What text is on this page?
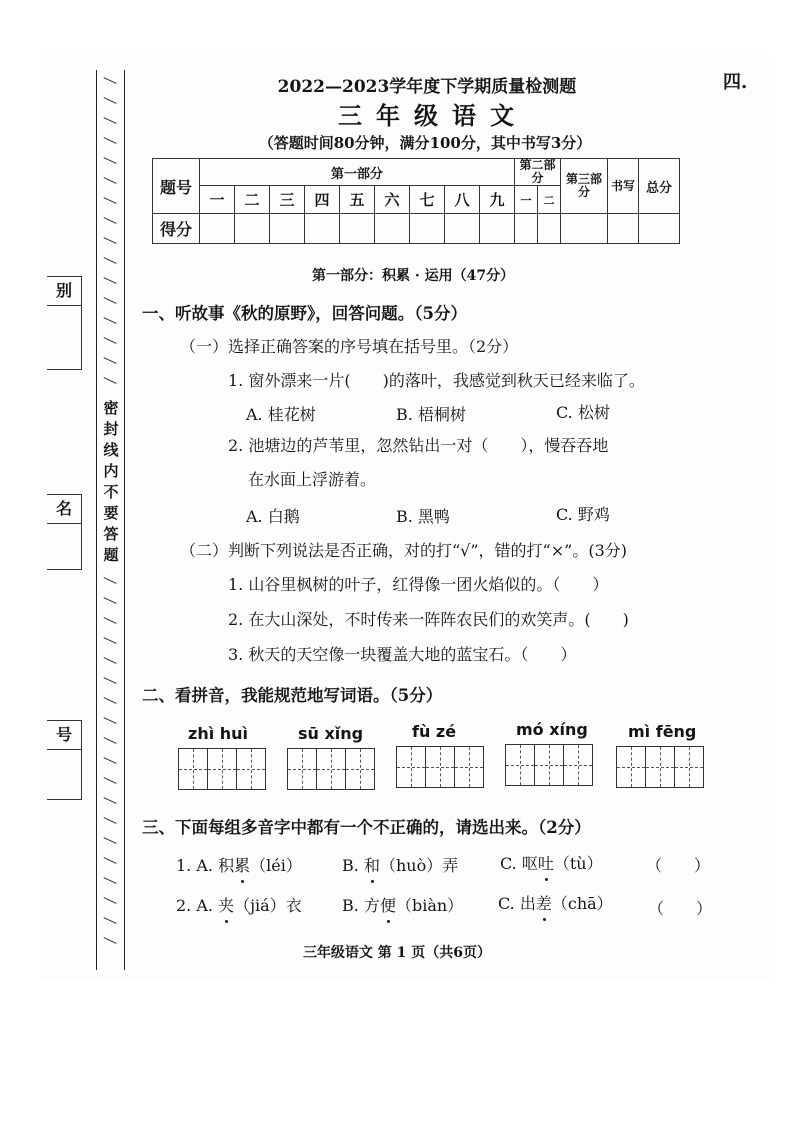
四.
别
名
号
密
封
线
内
不
要
答
题
2022—2023学年度下学期质量检测题
三年级语文
（答题时间80分钟，满分100分，其中书写3分）
题号	第一部分									第二部分		第三部分	书写	总分
	一	二	三	四	五	六	七	八	九	一	二			
得分														
第一部分：积累 · 运用（47分）
一、听故事《秋的原野》，回答问题。（5分）
（一）选择正确答案的序号填在括号里。（2分）
1. 窗外漂来一片(　　)的落叶，我感觉到秋天已经来临了。
A. 桂花树	B. 梧桐树	C. 松树
2. 池塘边的芦苇里，忽然钻出一对（　　），慢吞吞地
在水面上浮游着。
A. 白鹅	B. 黑鸭	C. 野鸡
（二）判断下列说法是否正确，对的打“√”，错的打“×”。(3分)
1. 山谷里枫树的叶子，红得像一团火焰似的。（　　）
2. 在大山深处，不时传来一阵阵农民们的欢笑声。(　　)
3. 秋天的天空像一块覆盖大地的蓝宝石。（　　）
二、看拼音，我能规范地写词语。（5分）
zhì huì	sū xǐng	fù zé	mó xíng	mì fēng
三、下面每组多音字中都有一个不正确的，请选出来。（2分）
1. A. 积累（léi）	B. 和（huò）弄	C. 呕吐（tù）	（　　）
2. A. 夹（jiá）衣	B. 方便（biàn） C. 出差（chā） （　　）
三年级语文 第 1 页（共6页）
